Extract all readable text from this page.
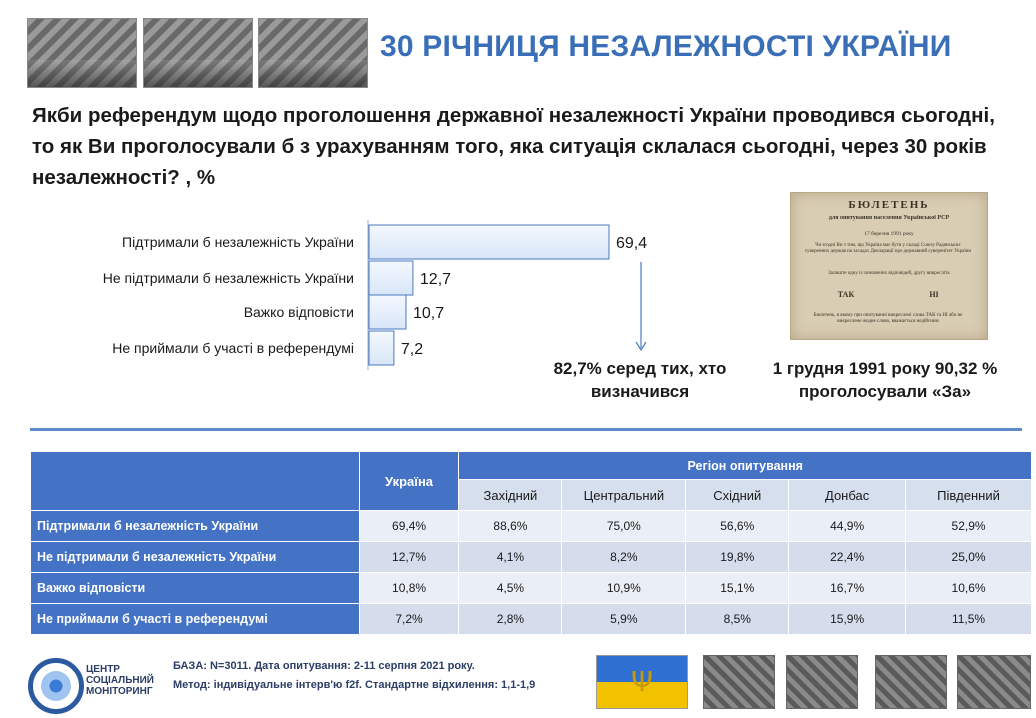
30 РІЧНИЦЯ НЕЗАЛЕЖНОСТІ УКРАЇНИ
Якби референдум щодо проголошення державної незалежності України проводився сьогодні, то як Ви проголосували б з урахуванням того, яка ситуація склалася сьогодні, через 30 років незалежності? , %
Підтримали б незалежність України	69,4
Не підтримали б незалежність України	12,7
Важко відповісти	10,7
Не приймали б участі в референдумі	7,2
82,7% серед тих, хто визначився
БЮЛЕТЕНЬ
для опитування населення Української РСР
17 березня 1991 року
Чи згодні Ви з тим, що Україна має бути у складі Союзу Радянських суверенних держав на засадах Декларації про державний суверенітет України
Залиште одну із зазначених відповідей, другу викресліть
ТАК	НІ
Бюлетень, в якому при опитуванні викреслені слова ТАК та НІ або не викреслене жодне слово, вважається недійсним
1 грудня 1991 року 90,32 % проголосували «За»
	Україна	Регіон опитування				
		Західний	Центральний	Східний	Донбас	Південний
Підтримали б незалежність України	69,4%	88,6%	75,0%	56,6%	44,9%	52,9%
Не підтримали б незалежність України	12,7%	4,1%	8,2%	19,8%	22,4%	25,0%
Важко відповісти	10,8%	4,5%	10,9%	15,1%	16,7%	10,6%
Не приймали б участі в референдумі	7,2%	2,8%	5,9%	8,5%	15,9%	11,5%
ЦЕНТР
СОЦІАЛЬНИЙ
МОНІТОРИНГ
БАЗА: N=3011. Дата опитування: 2-11 серпня 2021 року.
Метод: індивідуальне інтерв'ю f2f. Стандартне відхилення: 1,1-1,9	Ψ
